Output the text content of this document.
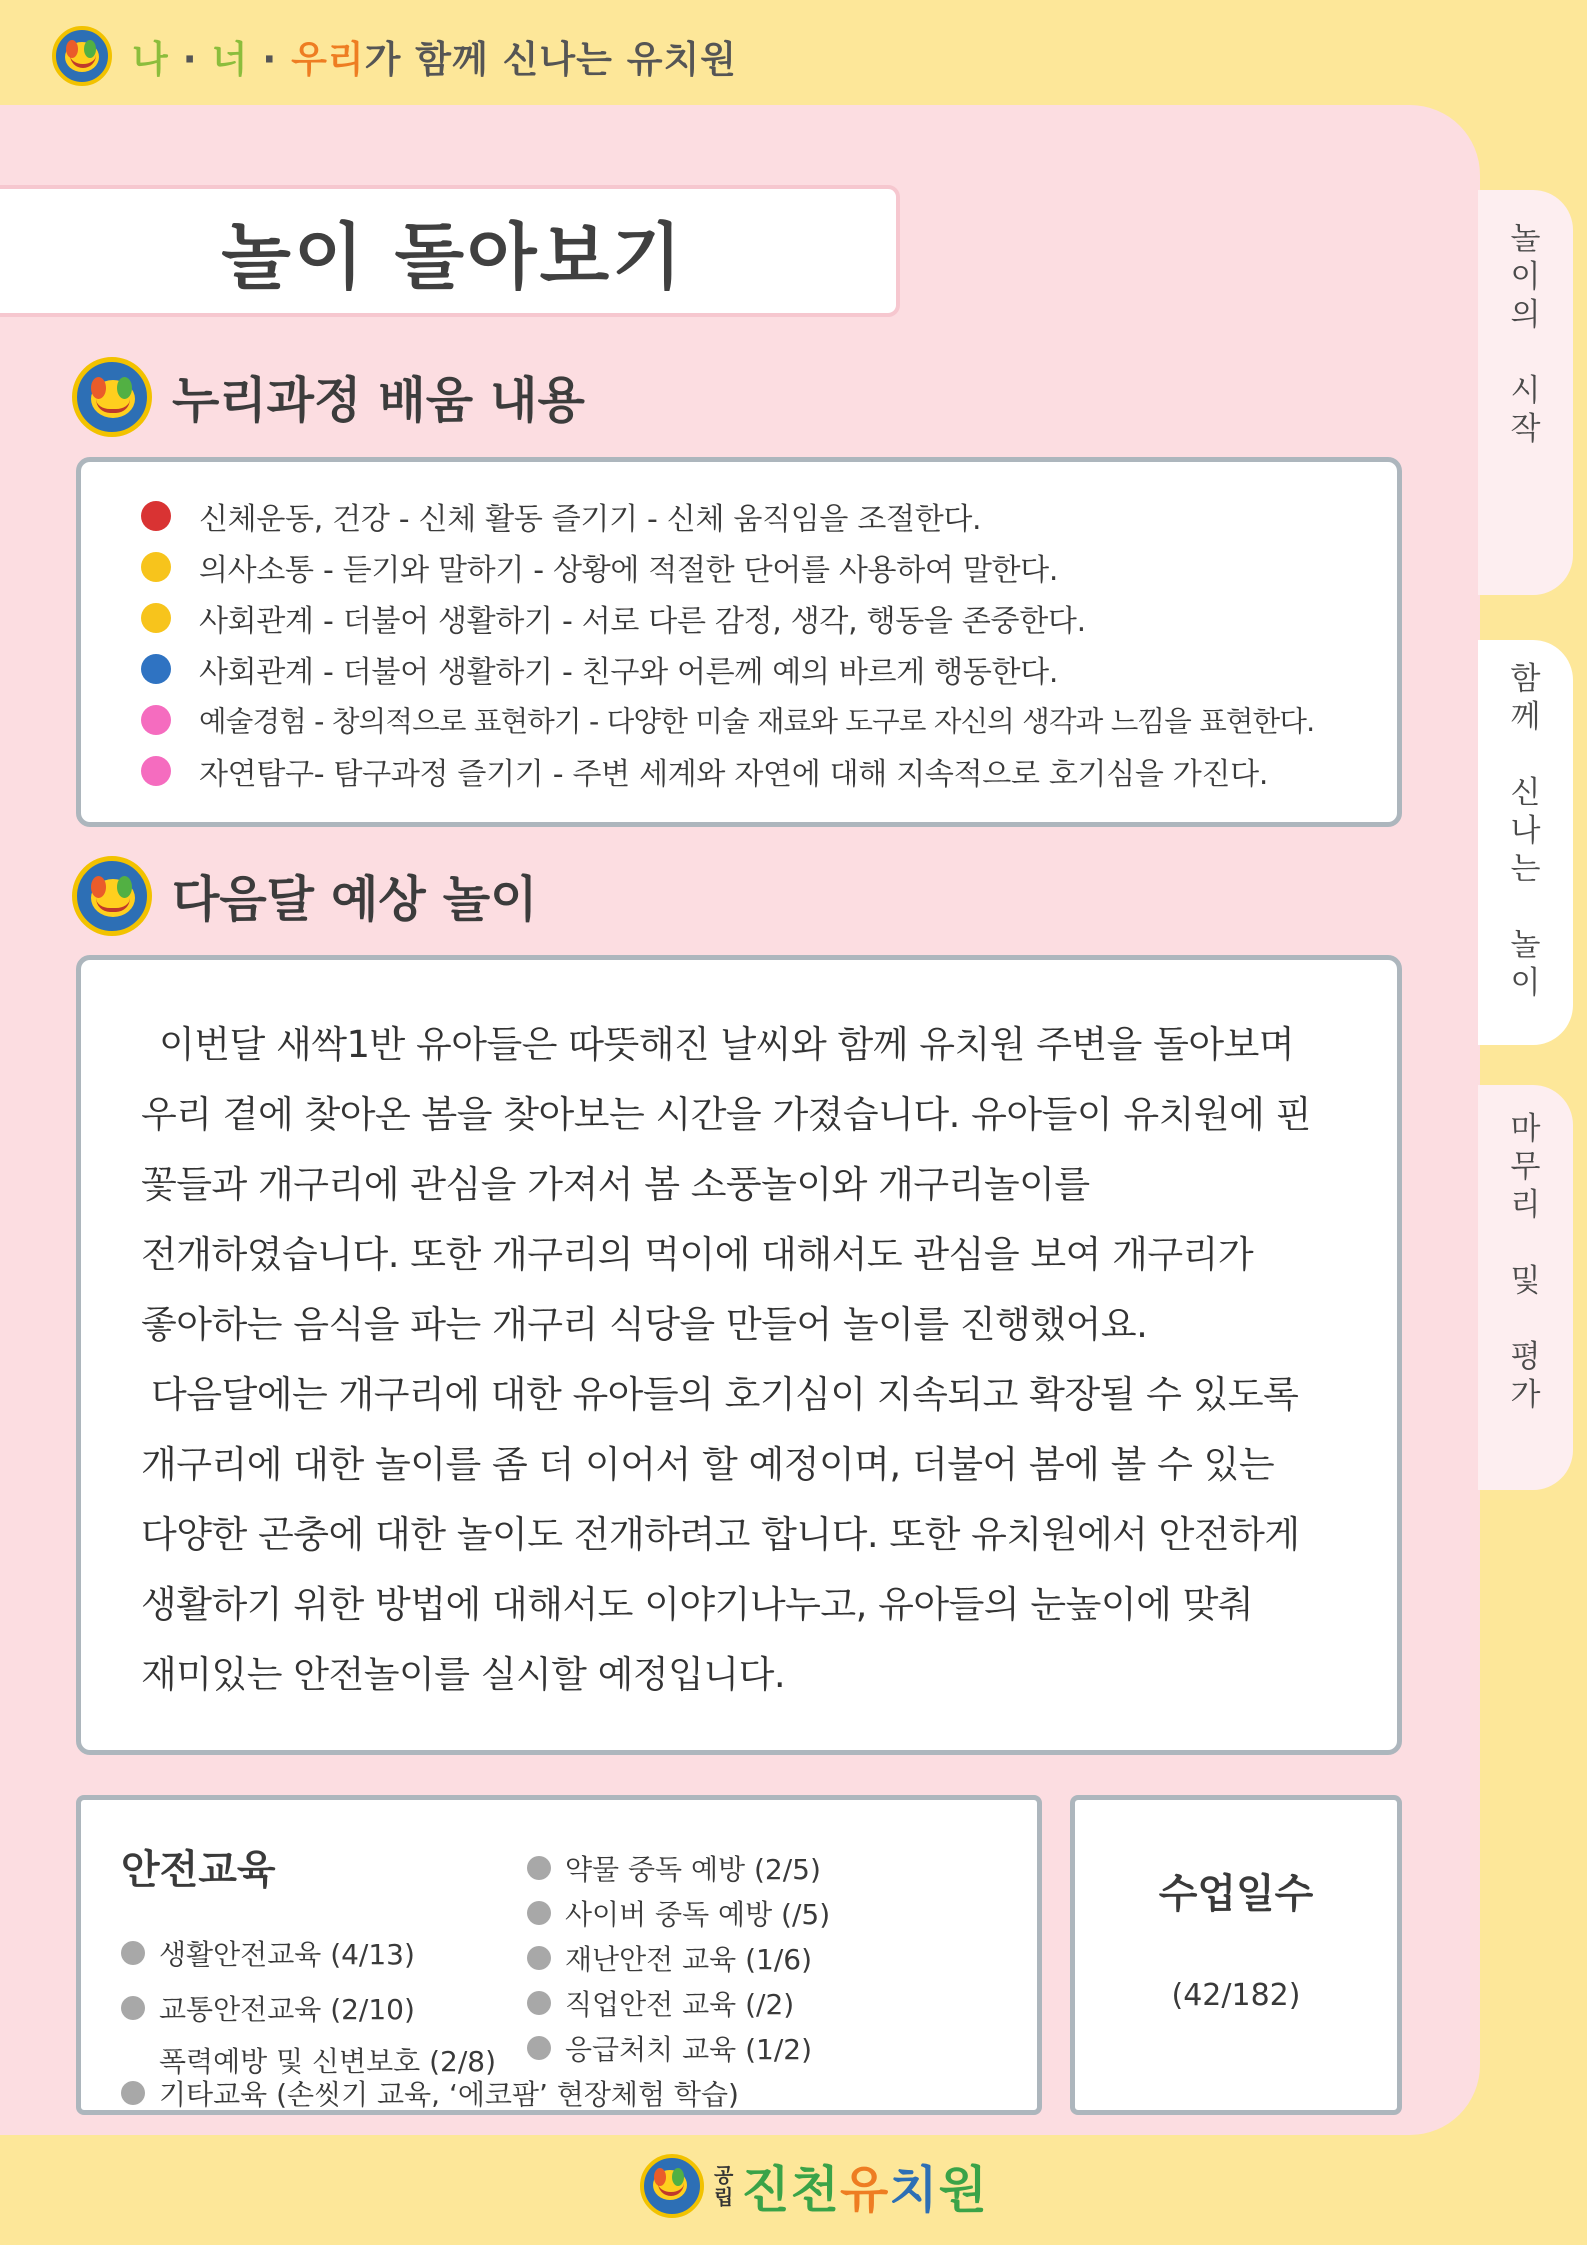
나 · 너 · 우리가 함께 신나는 유치원
놀
이
의
시
작
함
께
신
나
는
놀
이
마
무
리
및
평
가
놀이 돌아보기
누리과정 배움 내용
신체운동, 건강 - 신체 활동 즐기기 - 신체 움직임을 조절한다.
의사소통 - 듣기와 말하기 - 상황에 적절한 단어를 사용하여 말한다.
사회관계 - 더불어 생활하기 - 서로 다른 감정, 생각, 행동을 존중한다.
사회관계 - 더불어 생활하기 - 친구와 어른께 예의 바르게 행동한다.
예술경험 - 창의적으로 표현하기 - 다양한 미술 재료와 도구로 자신의 생각과 느낌을 표현한다.
자연탐구- 탐구과정 즐기기 - 주변 세계와 자연에 대해 지속적으로 호기심을 가진다.
다음달 예상 놀이

이번달 새싹1반 유아들은 따뜻해진 날씨와 함께 유치원 주변을 돌아보며 우리 곁에 찾아온 봄을 찾아보는 시간을 가졌습니다. 유아들이 유치원에 핀 꽃들과 개구리에 관심을 가져서 봄 소풍놀이와 개구리놀이를 전개하였습니다. 또한 개구리의 먹이에 대해서도 관심을 보여 개구리가 좋아하는 음식을 파는 개구리 식당을 만들어 놀이를 진행했어요.

다음달에는 개구리에 대한 유아들의 호기심이 지속되고 확장될 수 있도록 개구리에 대한 놀이를 좀 더 이어서 할 예정이며, 더불어 봄에 볼 수 있는 다양한 곤충에 대한 놀이도 전개하려고 합니다. 또한 유치원에서 안전하게 생활하기 위한 방법에 대해서도 이야기나누고, 유아들의 눈높이에 맞춰 재미있는 안전놀이를 실시할 예정입니다.

안전교육
생활안전교육 (4/13)
교통안전교육 (2/10)
폭력예방 및 신변보호 (2/8)
약물 중독 예방 (2/5)
사이버 중독 예방 (/5)
재난안전 교육 (1/6)
직업안전 교육 (/2)
응급처치 교육 (1/2)
기타교육 (손씻기 교육, ‘에코팜’ 현장체험 학습)
수업일수
(42/182)
공
립 진천유치원
